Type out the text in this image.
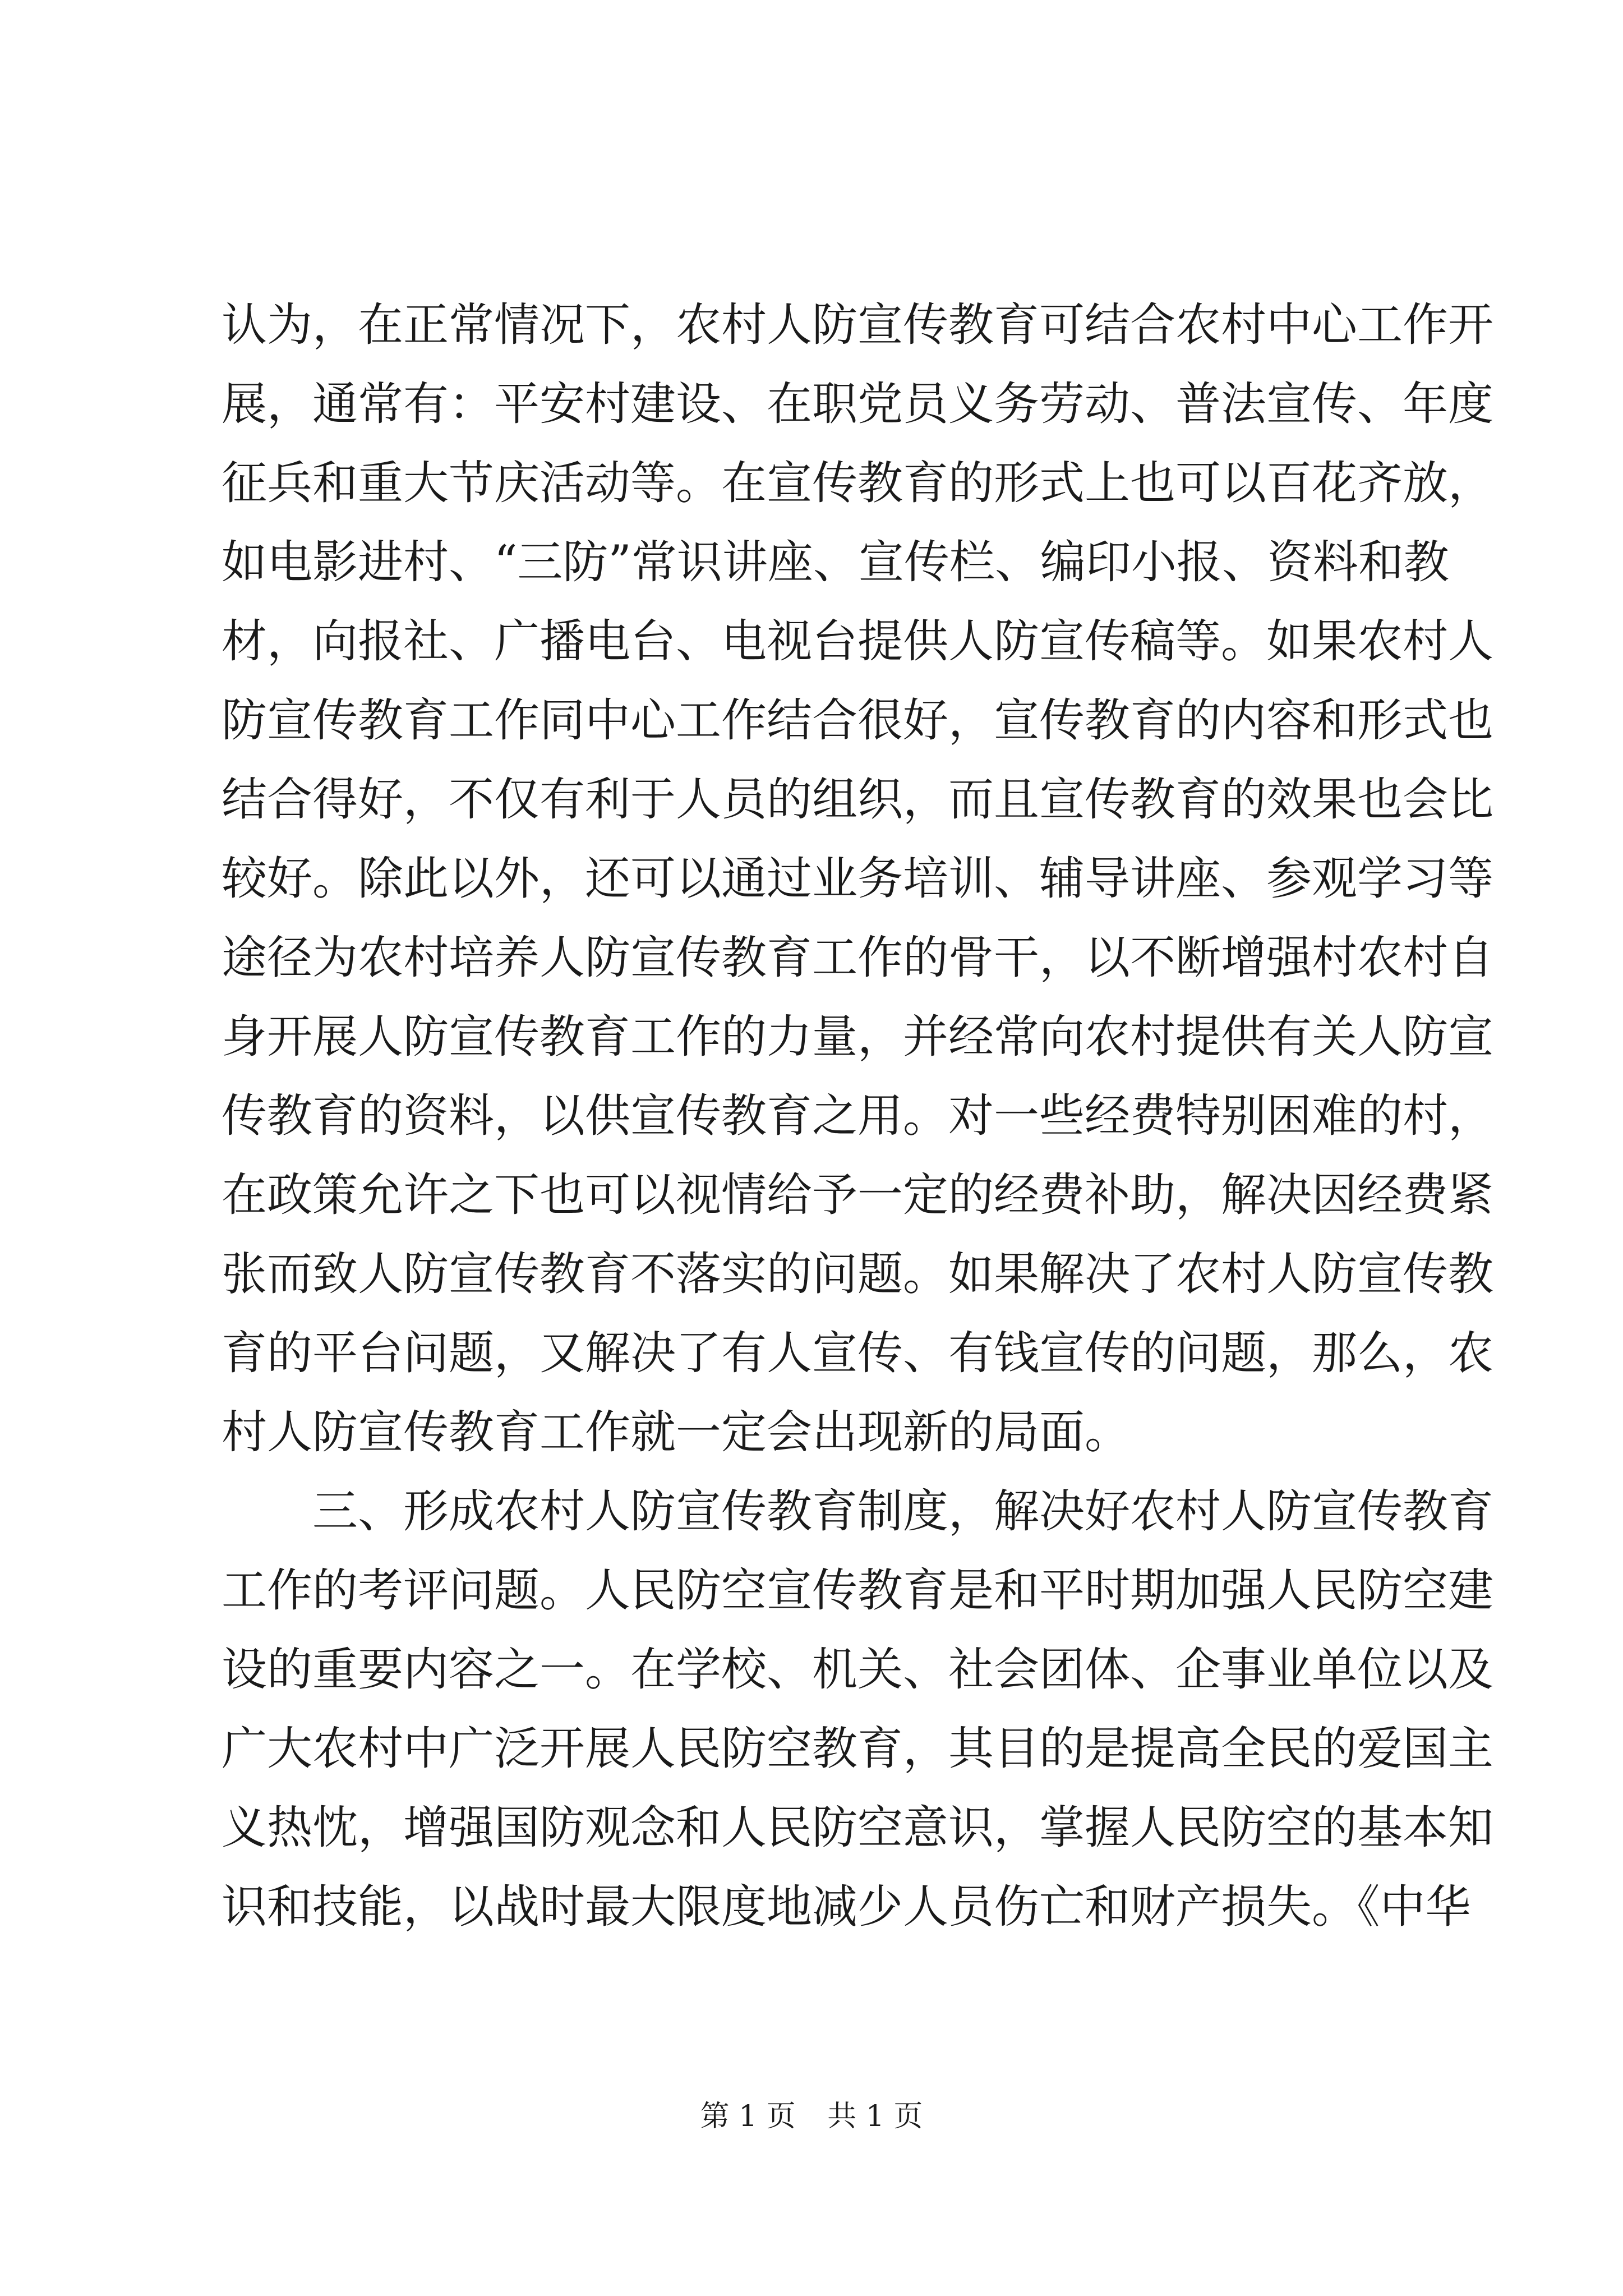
认为，在正常情况下，农村人防宣传教育可结合农村中心工作开
展，通常有：平安村建设、在职党员义务劳动、普法宣传、年度
征兵和重大节庆活动等。在宣传教育的形式上也可以百花齐放，
如电影进村、“三防”常识讲座、宣传栏、编印小报、资料和教
材，向报社、广播电台、电视台提供人防宣传稿等。如果农村人
防宣传教育工作同中心工作结合很好，宣传教育的内容和形式也
结合得好，不仅有利于人员的组织，而且宣传教育的效果也会比
较好。除此以外，还可以通过业务培训、辅导讲座、参观学习等
途径为农村培养人防宣传教育工作的骨干，以不断增强村农村自
身开展人防宣传教育工作的力量，并经常向农村提供有关人防宣
传教育的资料，以供宣传教育之用。对一些经费特别困难的村，
在政策允许之下也可以视情给予一定的经费补助，解决因经费紧
张而致人防宣传教育不落实的问题。如果解决了农村人防宣传教
育的平台问题，又解决了有人宣传、有钱宣传的问题，那么，农
村人防宣传教育工作就一定会出现新的局面。
三、形成农村人防宣传教育制度，解决好农村人防宣传教育
工作的考评问题。人民防空宣传教育是和平时期加强人民防空建
设的重要内容之一。在学校、机关、社会团体、企事业单位以及
广大农村中广泛开展人民防空教育，其目的是提高全民的爱国主
义热忱，增强国防观念和人民防空意识，掌握人民防空的基本知
识和技能，以战时最大限度地减少人员伤亡和财产损失。《中华
第 1 页 共 1 页
